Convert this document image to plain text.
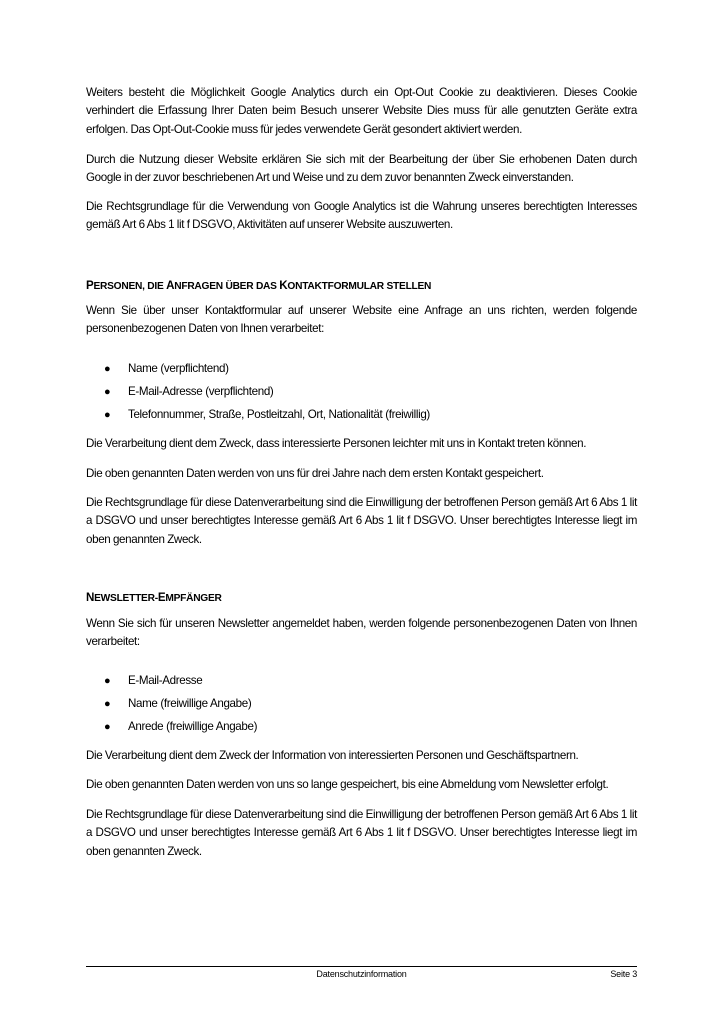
Weiters besteht die Möglichkeit Google Analytics durch ein Opt-Out Cookie zu deaktivieren. Dieses Cookie verhindert die Erfassung Ihrer Daten beim Besuch unserer Website Dies muss für alle genutzten Geräte extra erfolgen. Das Opt-Out-Cookie muss für jedes verwendete Gerät gesondert aktiviert werden.

Durch die Nutzung dieser Website erklären Sie sich mit der Bearbeitung der über Sie erhobenen Daten durch Google in der zuvor beschriebenen Art und Weise und zu dem zuvor benannten Zweck einverstanden.

Die Rechtsgrundlage für die Verwendung von Google Analytics ist die Wahrung unseres berechtigten Interesses gemäß Art 6 Abs 1 lit f DSGVO, Aktivitäten auf unserer Website auszuwerten.

PERSONEN, DIE ANFRAGEN ÜBER DAS KONTAKTFORMULAR STELLEN

Wenn Sie über unser Kontaktformular auf unserer Website eine Anfrage an uns richten, werden folgende personenbezogenen Daten von Ihnen verarbeitet:

● Name (verpflichtend)
● E-Mail-Adresse (verpflichtend)
● Telefonnummer, Straße, Postleitzahl, Ort, Nationalität (freiwillig)

Die Verarbeitung dient dem Zweck, dass interessierte Personen leichter mit uns in Kontakt treten können.

Die oben genannten Daten werden von uns für drei Jahre nach dem ersten Kontakt gespeichert.

Die Rechtsgrundlage für diese Datenverarbeitung sind die Einwilligung der betroffenen Person gemäß Art 6 Abs 1 lit a DSGVO und unser berechtigtes Interesse gemäß Art 6 Abs 1 lit f DSGVO. Unser berechtigtes Interesse liegt im oben genannten Zweck.

NEWSLETTER-EMPFÄNGER

Wenn Sie sich für unseren Newsletter angemeldet haben, werden folgende personenbezogenen Daten von Ihnen verarbeitet:

● E-Mail-Adresse
● Name (freiwillige Angabe)
● Anrede (freiwillige Angabe)

Die Verarbeitung dient dem Zweck der Information von interessierten Personen und Geschäftspartnern.

Die oben genannten Daten werden von uns so lange gespeichert, bis eine Abmeldung vom Newsletter erfolgt.

Die Rechtsgrundlage für diese Datenverarbeitung sind die Einwilligung der betroffenen Person gemäß Art 6 Abs 1 lit a DSGVO und unser berechtigtes Interesse gemäß Art 6 Abs 1 lit f DSGVO. Unser berechtigtes Interesse liegt im oben genannten Zweck.

Datenschutzinformation	Seite 3
